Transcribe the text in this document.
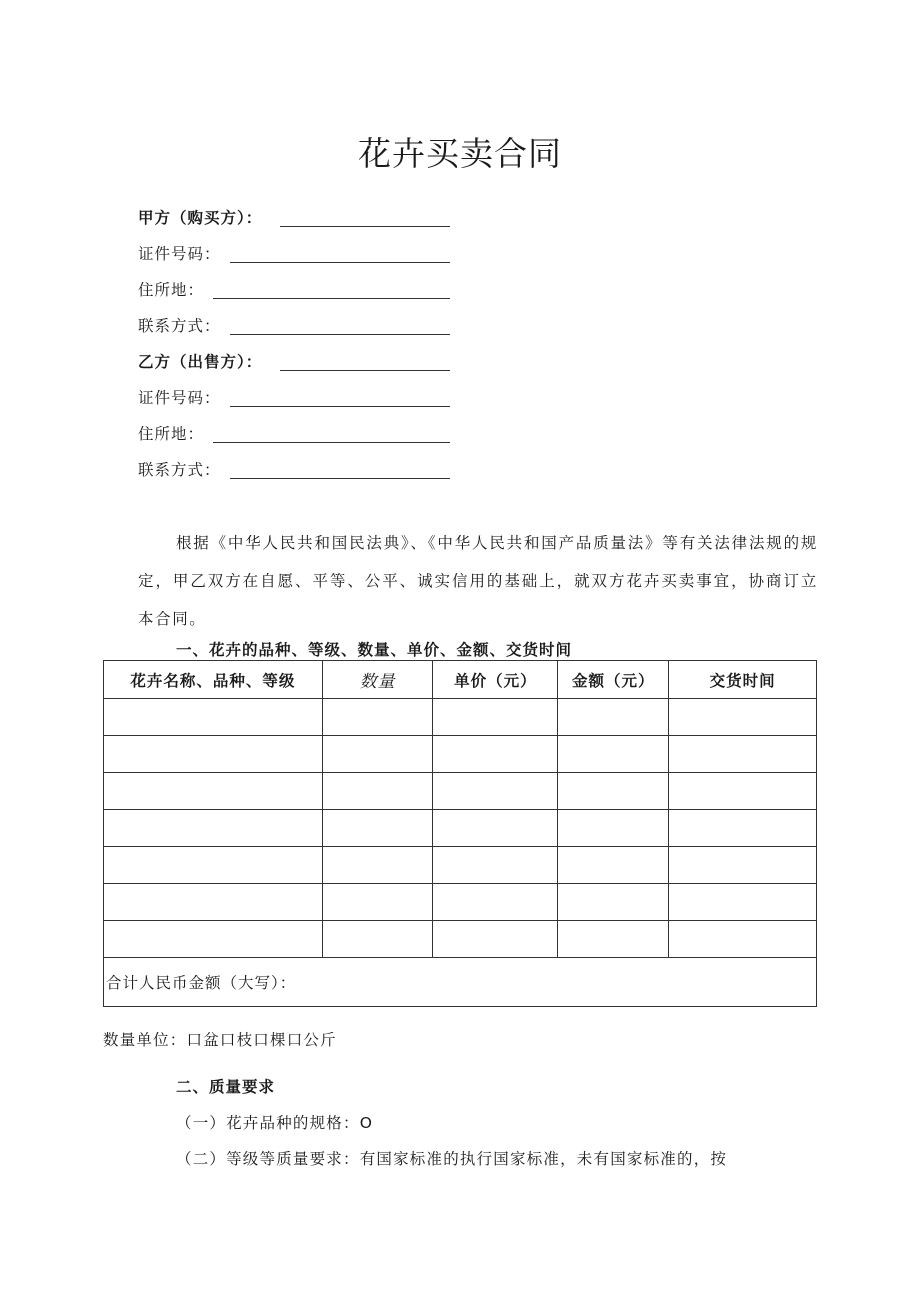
花卉买卖合同
甲方（购买方）：
证件号码：
住所地：
联系方式：
乙方（出售方）：
证件号码：
住所地：
联系方式：
根据《中华人民共和国民法典》、《中华人民共和国产品质量法》等有关法律法规的规定，甲乙双方在自愿、平等、公平、诚实信用的基础上，就双方花卉买卖事宜，协商订立本合同。
一、花卉的品种、等级、数量、单价、金额、交货时间
花卉名称、品种、等级	数量	单价（元）	金额（元）	交货时间

合计人民币金额（大写）：				
数量单位：口盆口枝口棵口公斤
二、质量要求
（一）花卉品种的规格：O
（二）等级等质量要求：有国家标准的执行国家标准，未有国家标准的，按
